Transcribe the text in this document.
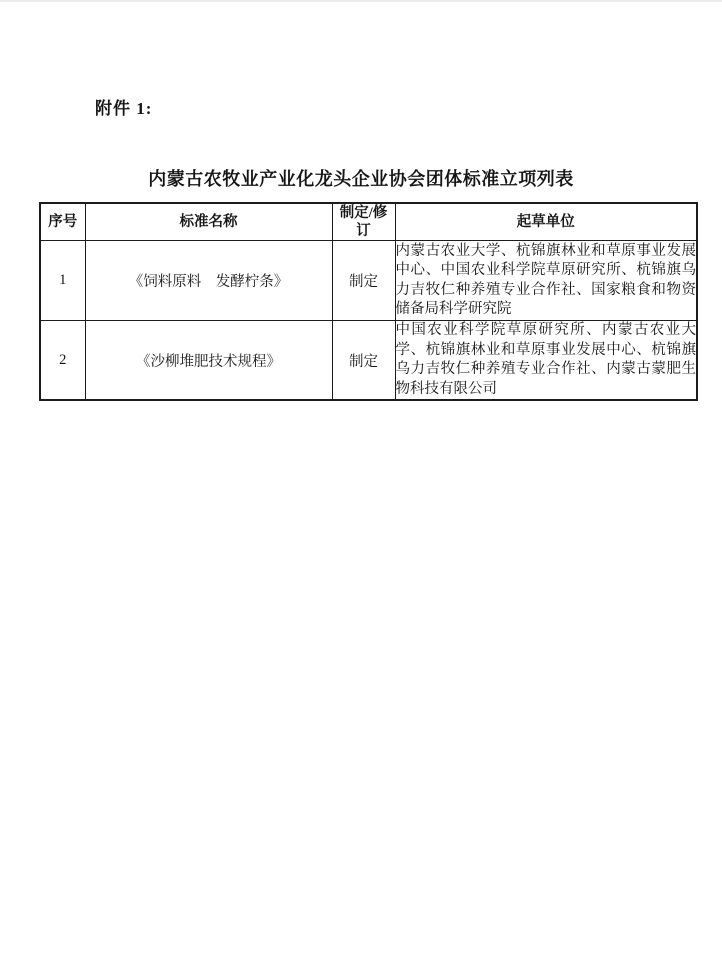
附件 1:
内蒙古农牧业产业化龙头企业协会团体标准立项列表
序号	标准名称	制定/修订	起草单位
1	《饲料原料　发酵柠条》	制定	内蒙古农业大学、杭锦旗林业和草原事业发展中心、中国农业科学院草原研究所、杭锦旗乌力吉牧仁种养殖专业合作社、国家粮食和物资储备局科学研究院
2	《沙柳堆肥技术规程》	制定	中国农业科学院草原研究所、内蒙古农业大学、杭锦旗林业和草原事业发展中心、杭锦旗乌力吉牧仁种养殖专业合作社、内蒙古蒙肥生物科技有限公司
